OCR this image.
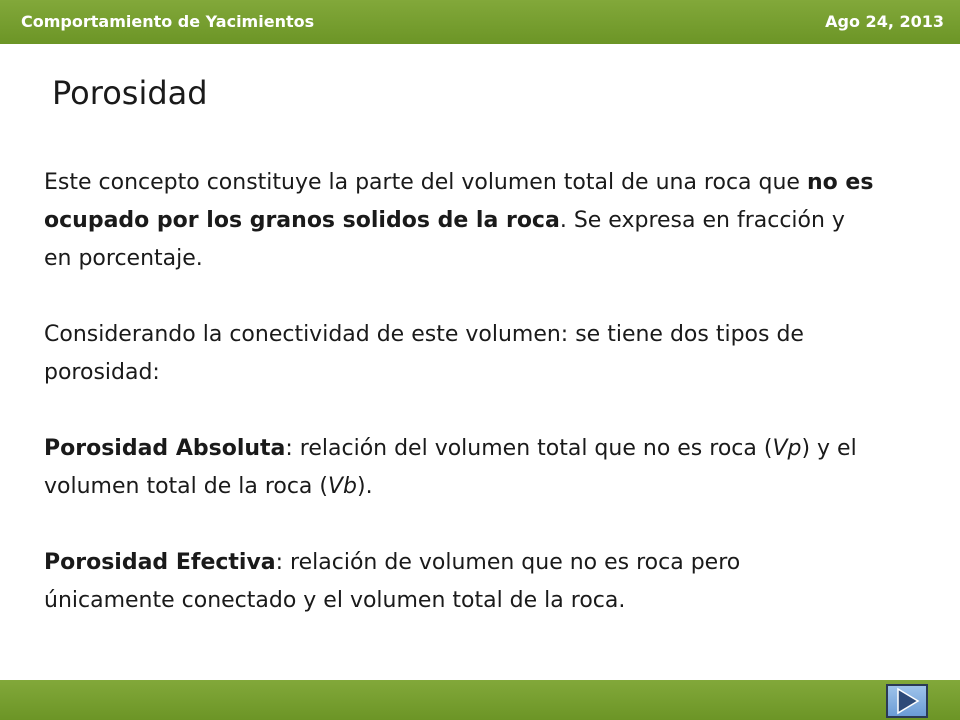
Comportamiento de Yacimientos	Ago 24, 2013
Porosidad

Este concepto constituye la parte del volumen total de una roca que no es ocupado por los granos solidos de la roca. Se expresa en fracción y en porcentaje.

Considerando la conectividad de este volumen: se tiene dos tipos de porosidad:

Porosidad Absoluta: relación del volumen total que no es roca (Vp) y el volumen total de la roca (Vb).

Porosidad Efectiva: relación de volumen que no es roca pero únicamente conectado y el volumen total de la roca.
